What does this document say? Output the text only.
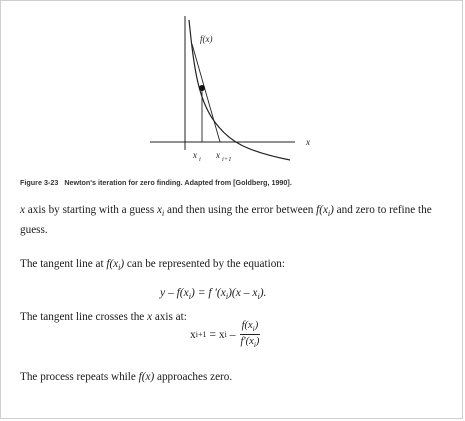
f(x)
x
x i x i+1
Figure 3-23 Newton's iteration for zero finding. Adapted from [Goldberg, 1990].

x axis by starting with a guess $x_i$ and then using the error between $f(x_i)$ and zero to refine the guess.

The tangent line at $f(x_i)$ can be represented by the equation:

$y - f(x_i) = f$ $'(x_i)(x - x_i)$.

The tangent line crosses the x axis at:

x i+1 = x i – $\frac{f(x_i)}{f'(x_i)}$

The process repeats while f(x) approaches zero.
